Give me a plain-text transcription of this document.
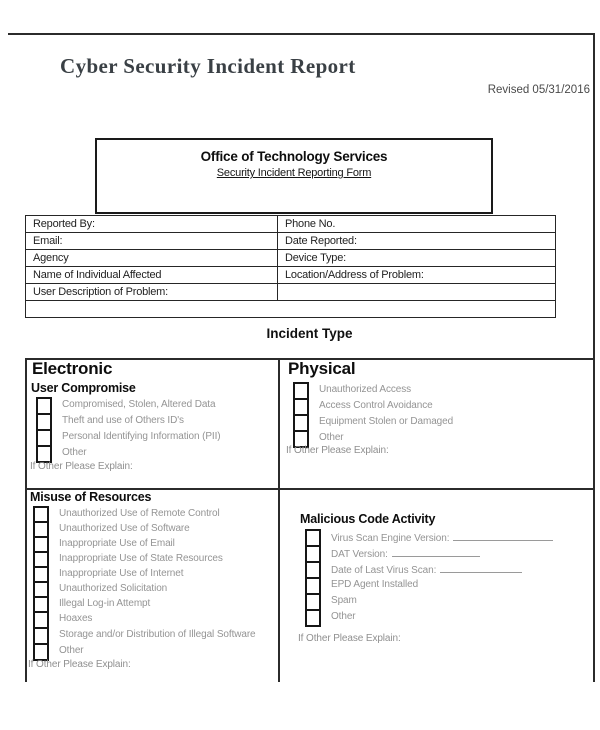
Cyber Security Incident Report
Revised 05/31/2016
Office of Technology Services
Security Incident Reporting Form
Reported By:	Phone No.
Email:	Date Reported:
Agency	Device Type:
Name of Individual Affected	Location/Address of Problem:
User Description of Problem:	

Incident Type
Electronic
User Compromise
Compromised, Stolen, Altered Data
Theft and use of Others ID's
Personal Identifying Information (PII)
Other
If Other Please Explain:
Physical
Unauthorized Access
Access Control Avoidance
Equipment Stolen or Damaged
Other
If Other Please Explain:
Misuse of Resources
Unauthorized Use of Remote Control
Unauthorized Use of Software
Inappropriate Use of Email
Inappropriate Use of State Resources
Inappropriate Use of Internet
Unauthorized Solicitation
Illegal Log-in Attempt
Hoaxes
Storage and/or Distribution of Illegal Software
Other
If Other Please Explain:
Malicious Code Activity
Virus Scan Engine Version:
DAT Version:
Date of Last Virus Scan:
EPD Agent Installed
Spam
Other
If Other Please Explain:
